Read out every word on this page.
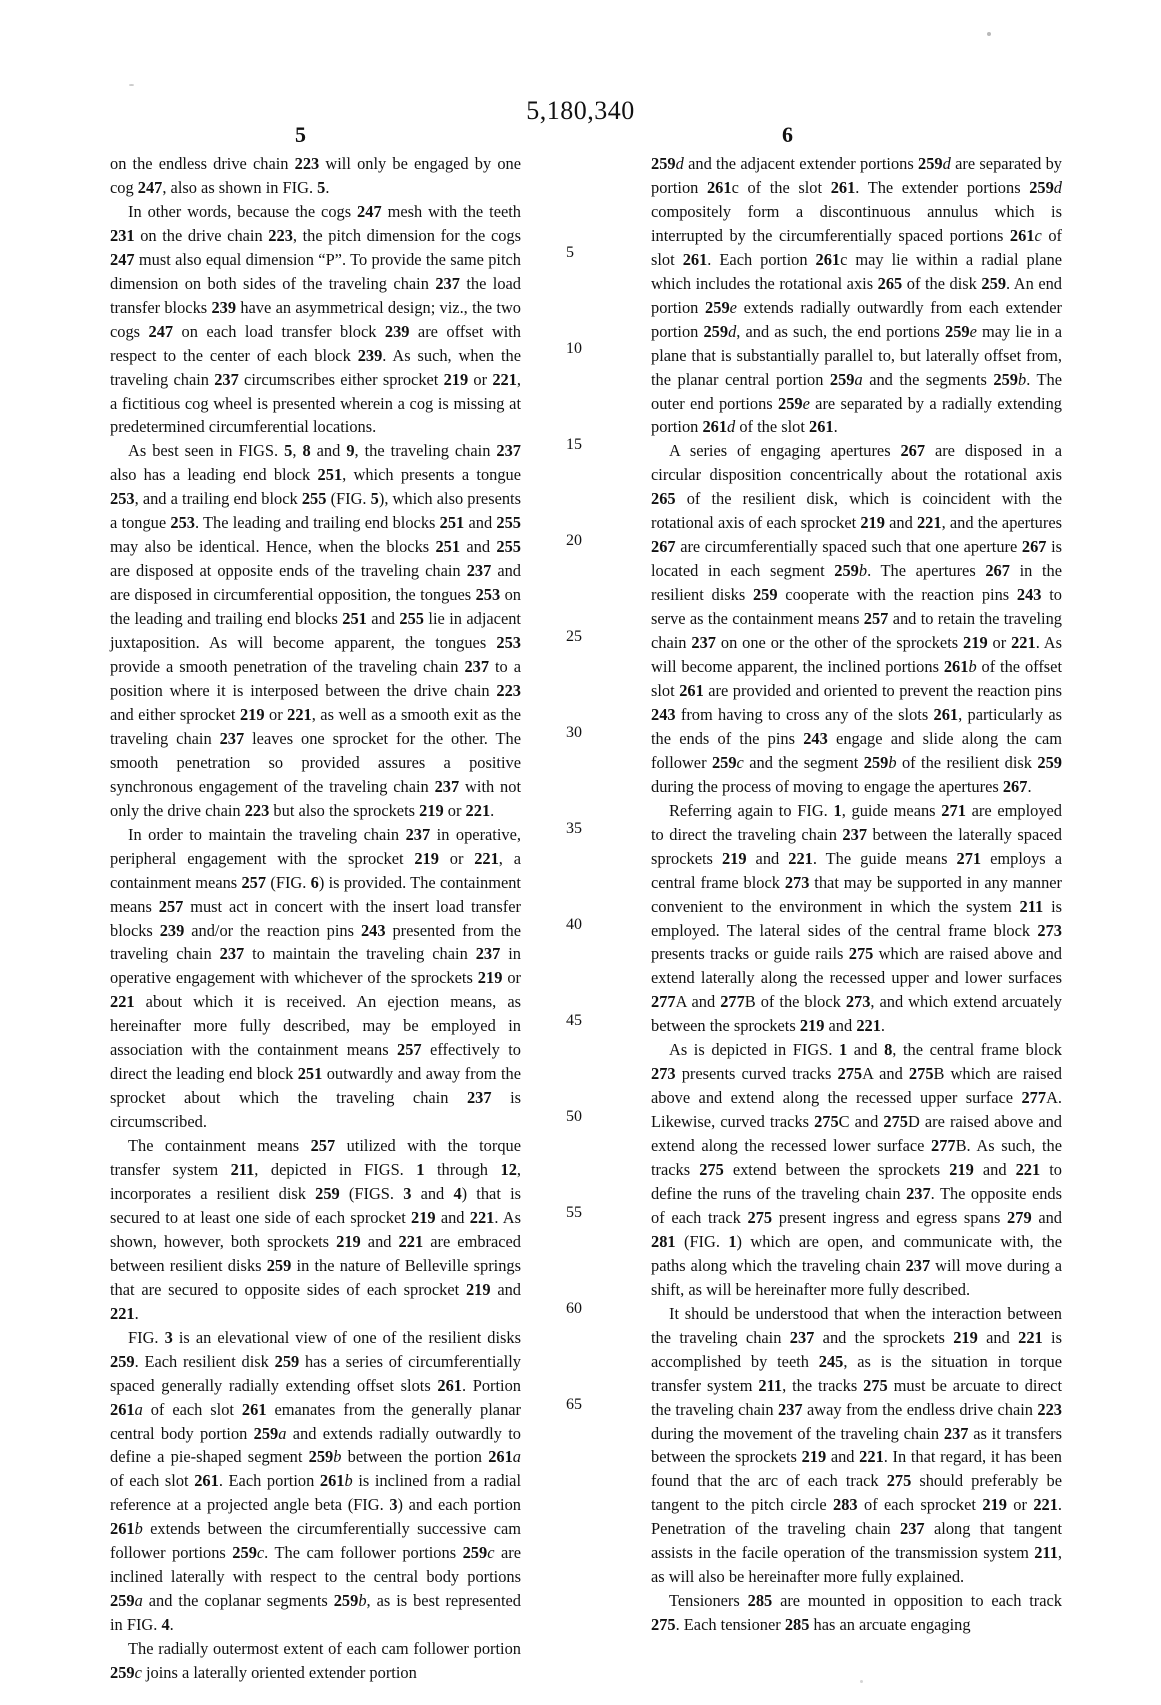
5,180,340
5	6

on the endless drive chain 223 will only be engaged by one cog 247, also as shown in FIG. 5.

In other words, because the cogs 247 mesh with the teeth 231 on the drive chain 223, the pitch dimension for the cogs 247 must also equal dimension “P”. To provide the same pitch dimension on both sides of the traveling chain 237 the load transfer blocks 239 have an asymmetrical design; viz., the two cogs 247 on each load transfer block 239 are offset with respect to the center of each block 239. As such, when the traveling chain 237 circumscribes either sprocket 219 or 221, a fictitious cog wheel is presented wherein a cog is missing at predetermined circumferential locations.

As best seen in FIGS. 5, 8 and 9, the traveling chain 237 also has a leading end block 251, which presents a tongue 253, and a trailing end block 255 (FIG. 5), which also presents a tongue 253. The leading and trailing end blocks 251 and 255 may also be identical. Hence, when the blocks 251 and 255 are disposed at opposite ends of the traveling chain 237 and are disposed in circumferential opposition, the tongues 253 on the leading and trailing end blocks 251 and 255 lie in adjacent juxtaposition. As will become apparent, the tongues 253 provide a smooth penetration of the traveling chain 237 to a position where it is interposed between the drive chain 223 and either sprocket 219 or 221, as well as a smooth exit as the traveling chain 237 leaves one sprocket for the other. The smooth penetration so provided assures a positive synchronous engagement of the traveling chain 237 with not only the drive chain 223 but also the sprockets 219 or 221.

In order to maintain the traveling chain 237 in operative, peripheral engagement with the sprocket 219 or 221, a containment means 257 (FIG. 6) is provided. The containment means 257 must act in concert with the insert load transfer blocks 239 and/or the reaction pins 243 presented from the traveling chain 237 to maintain the traveling chain 237 in operative engagement with whichever of the sprockets 219 or 221 about which it is received. An ejection means, as hereinafter more fully described, may be employed in association with the containment means 257 effectively to direct the leading end block 251 outwardly and away from the sprocket about which the traveling chain 237 is circumscribed.

The containment means 257 utilized with the torque transfer system 211, depicted in FIGS. 1 through 12, incorporates a resilient disk 259 (FIGS. 3 and 4) that is secured to at least one side of each sprocket 219 and 221. As shown, however, both sprockets 219 and 221 are embraced between resilient disks 259 in the nature of Belleville springs that are secured to opposite sides of each sprocket 219 and 221.

FIG. 3 is an elevational view of one of the resilient disks 259. Each resilient disk 259 has a series of circumferentially spaced generally radially extending offset slots 261. Portion 261a of each slot 261 emanates from the generally planar central body portion 259a and extends radially outwardly to define a pie-shaped segment 259b between the portion 261a of each slot 261. Each portion 261b is inclined from a radial reference at a projected angle beta (FIG. 3) and each portion 261b extends between the circumferentially successive cam follower portions 259c. The cam follower portions 259c are inclined laterally with respect to the central body portions 259a and the coplanar segments 259b, as is best represented in FIG. 4.

The radially outermost extent of each cam follower portion 259c joins a laterally oriented extender portion

259d and the adjacent extender portions 259d are separated by portion 261c of the slot 261. The extender portions 259d compositely form a discontinuous annulus which is interrupted by the circumferentially spaced portions 261c of slot 261. Each portion 261c may lie within a radial plane which includes the rotational axis 265 of the disk 259. An end portion 259e extends radially outwardly from each extender portion 259d, and as such, the end portions 259e may lie in a plane that is substantially parallel to, but laterally offset from, the planar central portion 259a and the segments 259b. The outer end portions 259e are separated by a radially extending portion 261d of the slot 261.

A series of engaging apertures 267 are disposed in a circular disposition concentrically about the rotational axis 265 of the resilient disk, which is coincident with the rotational axis of each sprocket 219 and 221, and the apertures 267 are circumferentially spaced such that one aperture 267 is located in each segment 259b. The apertures 267 in the resilient disks 259 cooperate with the reaction pins 243 to serve as the containment means 257 and to retain the traveling chain 237 on one or the other of the sprockets 219 or 221. As will become apparent, the inclined portions 261b of the offset slot 261 are provided and oriented to prevent the reaction pins 243 from having to cross any of the slots 261, particularly as the ends of the pins 243 engage and slide along the cam follower 259c and the segment 259b of the resilient disk 259 during the process of moving to engage the apertures 267.

Referring again to FIG. 1, guide means 271 are employed to direct the traveling chain 237 between the laterally spaced sprockets 219 and 221. The guide means 271 employs a central frame block 273 that may be supported in any manner convenient to the environment in which the system 211 is employed. The lateral sides of the central frame block 273 presents tracks or guide rails 275 which are raised above and extend laterally along the recessed upper and lower surfaces 277A and 277B of the block 273, and which extend arcuately between the sprockets 219 and 221.

As is depicted in FIGS. 1 and 8, the central frame block 273 presents curved tracks 275A and 275B which are raised above and extend along the recessed upper surface 277A. Likewise, curved tracks 275C and 275D are raised above and extend along the recessed lower surface 277B. As such, the tracks 275 extend between the sprockets 219 and 221 to define the runs of the traveling chain 237. The opposite ends of each track 275 present ingress and egress spans 279 and 281 (FIG. 1) which are open, and communicate with, the paths along which the traveling chain 237 will move during a shift, as will be hereinafter more fully described.

It should be understood that when the interaction between the traveling chain 237 and the sprockets 219 and 221 is accomplished by teeth 245, as is the situation in torque transfer system 211, the tracks 275 must be arcuate to direct the traveling chain 237 away from the endless drive chain 223 during the movement of the traveling chain 237 as it transfers between the sprockets 219 and 221. In that regard, it has been found that the arc of each track 275 should preferably be tangent to the pitch circle 283 of each sprocket 219 or 221. Penetration of the traveling chain 237 along that tangent assists in the facile operation of the transmission system 211, as will also be hereinafter more fully explained.

Tensioners 285 are mounted in opposition to each track 275. Each tensioner 285 has an arcuate engaging

5
10
15
20
25
30
35
40
45
50
55
60
65
